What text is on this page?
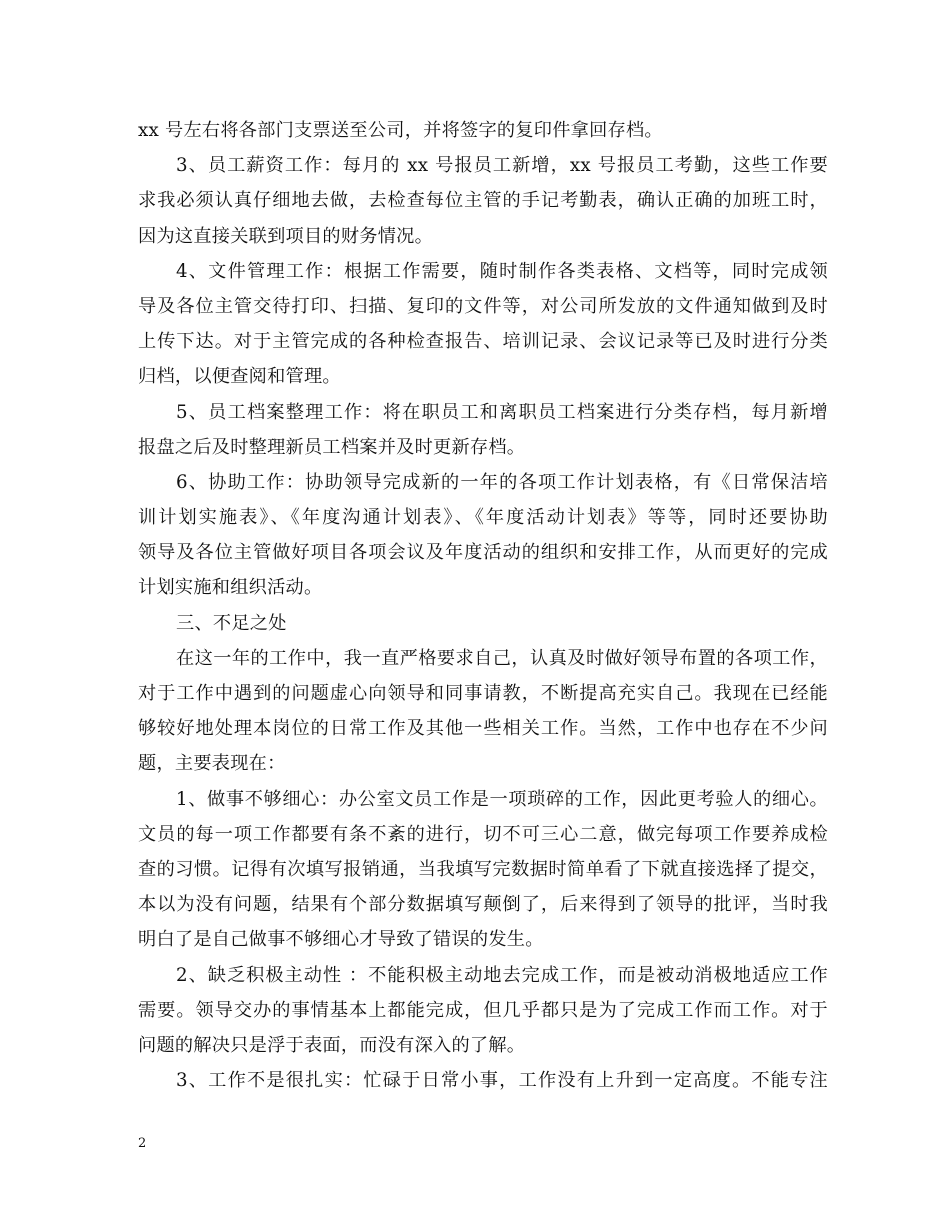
xx 号左右将各部门支票送至公司，并将签字的复印件拿回存档。
3、员工薪资工作：每月的 xx 号报员工新增，xx 号报员工考勤，这些工作要
求我必须认真仔细地去做，去检查每位主管的手记考勤表，确认正确的加班工时，
因为这直接关联到项目的财务情况。
4、文件管理工作：根据工作需要，随时制作各类表格、文档等，同时完成领
导及各位主管交待打印、扫描、复印的文件等，对公司所发放的文件通知做到及时
上传下达。对于主管完成的各种检查报告、培训记录、会议记录等已及时进行分类
归档，以便查阅和管理。
5、员工档案整理工作：将在职员工和离职员工档案进行分类存档，每月新增
报盘之后及时整理新员工档案并及时更新存档。
6、协助工作：协助领导完成新的一年的各项工作计划表格，有《日常保洁培
训计划实施表》、《年度沟通计划表》、《年度活动计划表》等等，同时还要协助
领导及各位主管做好项目各项会议及年度活动的组织和安排工作，从而更好的完成
计划实施和组织活动。
三、不足之处
在这一年的工作中，我一直严格要求自己，认真及时做好领导布置的各项工作，
对于工作中遇到的问题虚心向领导和同事请教，不断提高充实自己。我现在已经能
够较好地处理本岗位的日常工作及其他一些相关工作。当然，工作中也存在不少问
题，主要表现在：
1、做事不够细心：办公室文员工作是一项琐碎的工作，因此更考验人的细心。
文员的每一项工作都要有条不紊的进行，切不可三心二意，做完每项工作要养成检
查的习惯。记得有次填写报销通，当我填写完数据时简单看了下就直接选择了提交，
本以为没有问题，结果有个部分数据填写颠倒了，后来得到了领导的批评，当时我
明白了是自己做事不够细心才导致了错误的发生。
2、缺乏积极主动性 ：不能积极主动地去完成工作，而是被动消极地适应工作
需要。领导交办的事情基本上都能完成，但几乎都只是为了完成工作而工作。对于
问题的解决只是浮于表面，而没有深入的了解。
3、工作不是很扎实：忙碌于日常小事，工作没有上升到一定高度。不能专注
2
